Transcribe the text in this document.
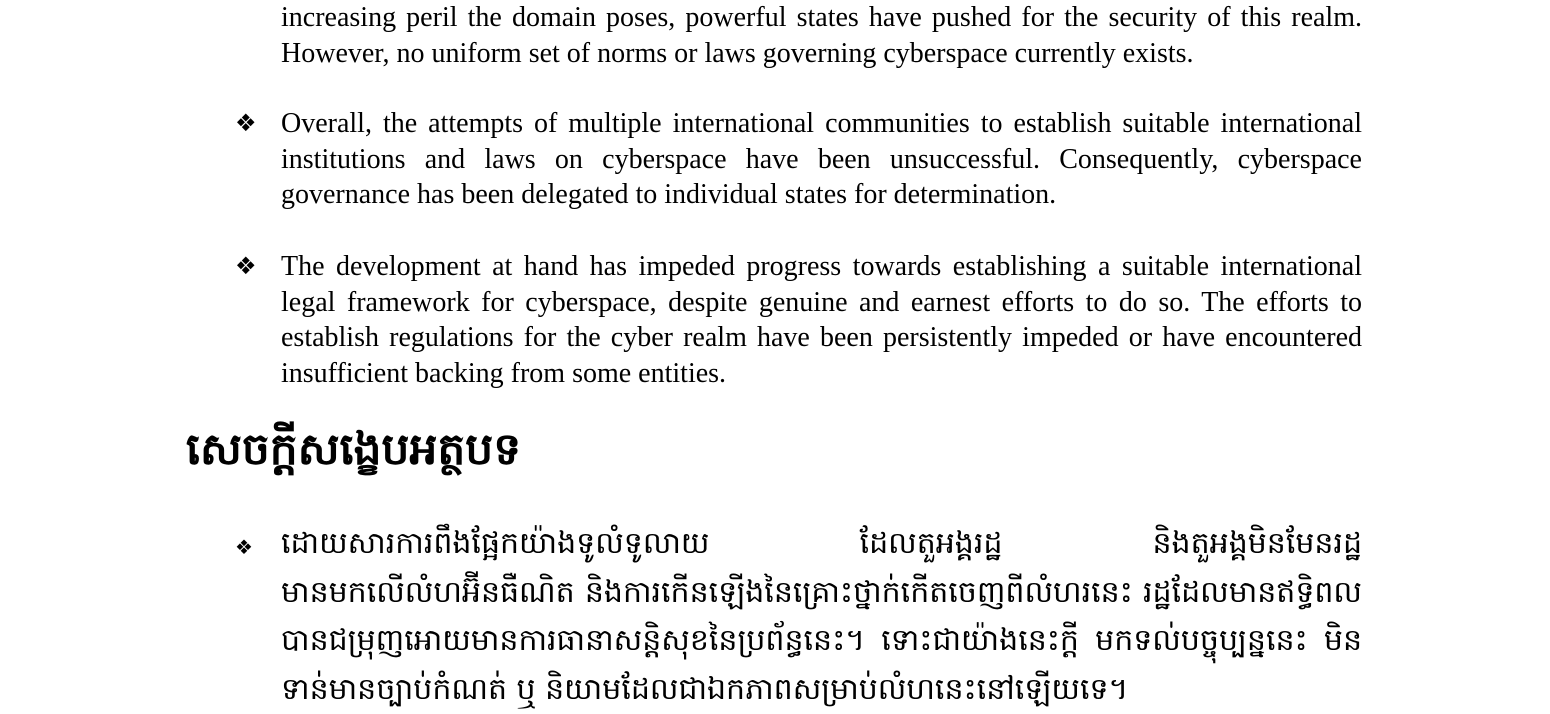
increasing peril the domain poses, powerful states have pushed for the security of this realm. However, no uniform set of norms or laws governing cyberspace currently exists.
❖ Overall, the attempts of multiple international communities to establish suitable international institutions and laws on cyberspace have been unsuccessful. Consequently, cyberspace governance has been delegated to individual states for determination.
❖ The development at hand has impeded progress towards establishing a suitable international legal framework for cyberspace, despite genuine and earnest efforts to do so. The efforts to establish regulations for the cyber realm have been persistently impeded or have encountered insufficient backing from some entities.
សេចក្តីសង្ខេបអត្ថបទ
❖ ដោយសារការពឹងផ្អែកយ៉ាងទូលំទូលាយ ដែលតួអង្គរដ្ឋ និងតួអង្គមិនមែនរដ្ឋមានមកលើលំហអ៊ីនធឺណិត និងការកើនឡើងនៃគ្រោះថ្នាក់កើតចេញពីលំហរនេះ រដ្ឋដែលមានឥទ្ធិពលបានជម្រុញអោយមានការធានាសន្តិសុខនៃប្រព័ន្ធនេះ។ ទោះជាយ៉ាងនេះក្តី មកទល់បច្ចុប្បន្ននេះ មិនទាន់មានច្បាប់កំណត់ ឬ និយាមដែលជាឯកភាពសម្រាប់លំហនេះនៅឡើយទេ។
